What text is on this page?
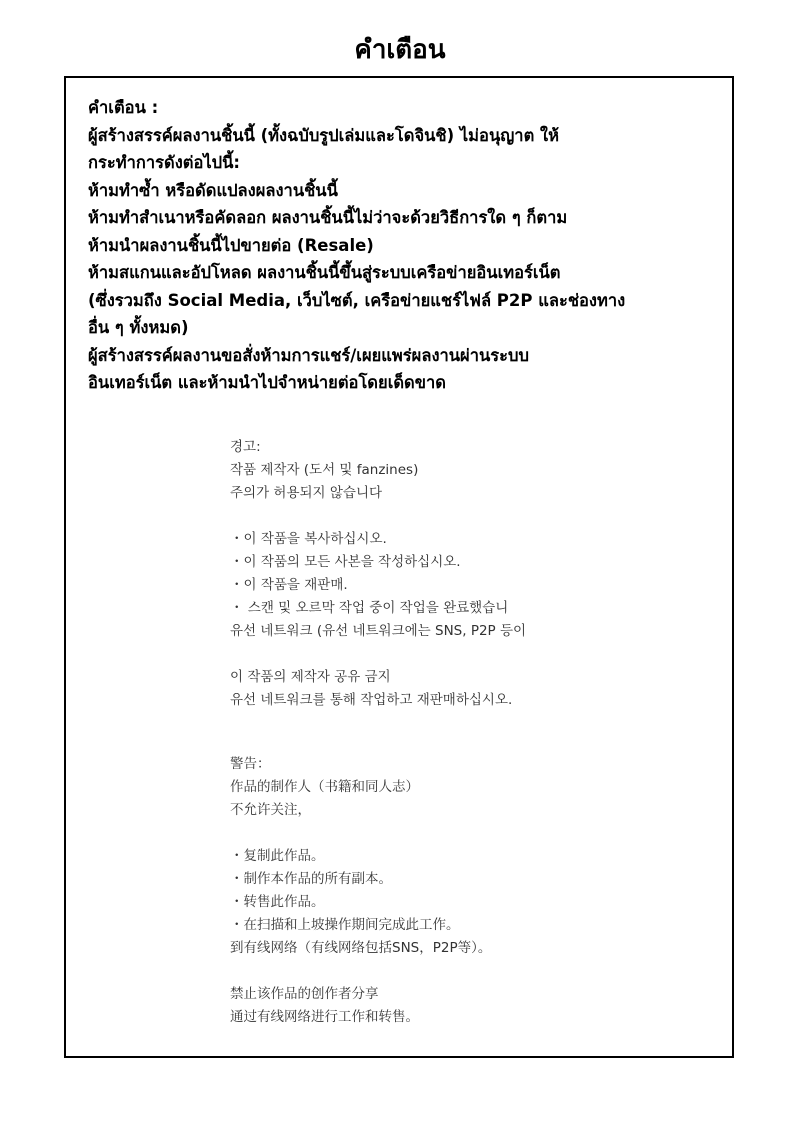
คำเตือน
คำเตือน :
ผู้สร้างสรรค์ผลงานชิ้นนี้ (ทั้งฉบับรูปเล่มและโดจินชิ) ไม่อนุญาต ให้
กระทำการดังต่อไปนี้:
ห้ามทำซ้ำ หรือดัดแปลงผลงานชิ้นนี้
ห้ามทำสำเนาหรือคัดลอก ผลงานชิ้นนี้ไม่ว่าจะด้วยวิธีการใด ๆ ก็ตาม
ห้ามนำผลงานชิ้นนี้ไปขายต่อ (Resale)
ห้ามสแกนและอัปโหลด ผลงานชิ้นนี้ขึ้นสู่ระบบเครือข่ายอินเทอร์เน็ต
(ซึ่งรวมถึง Social Media, เว็บไซต์, เครือข่ายแชร์ไฟล์ P2P และช่องทาง
อื่น ๆ ทั้งหมด)
ผู้สร้างสรรค์ผลงานขอสั่งห้ามการแชร์/เผยแพร่ผลงานผ่านระบบ
อินเทอร์เน็ต และห้ามนำไปจำหน่ายต่อโดยเด็ดขาด
경고:
작품 제작자 (도서 및 fanzines)
주의가 허용되지 않습니다
・이 작품을 복사하십시오.
・이 작품의 모든 사본을 작성하십시오.
・이 작품을 재판매.
・ 스캔 및 오르막 작업 중이 작업을 완료했습니
유선 네트워크 (유선 네트워크에는 SNS, P2P 등이
이 작품의 제작자 공유 금지
유선 네트워크를 통해 작업하고 재판매하십시오.
警告：
作品的制作人（书籍和同人志）
不允许关注，
・复制此作品。
・制作本作品的所有副本。
・转售此作品。
・在扫描和上坡操作期间完成此工作。
到有线网络（有线网络包括SNS，P2P等）。
禁止该作品的创作者分享
通过有线网络进行工作和转售。
